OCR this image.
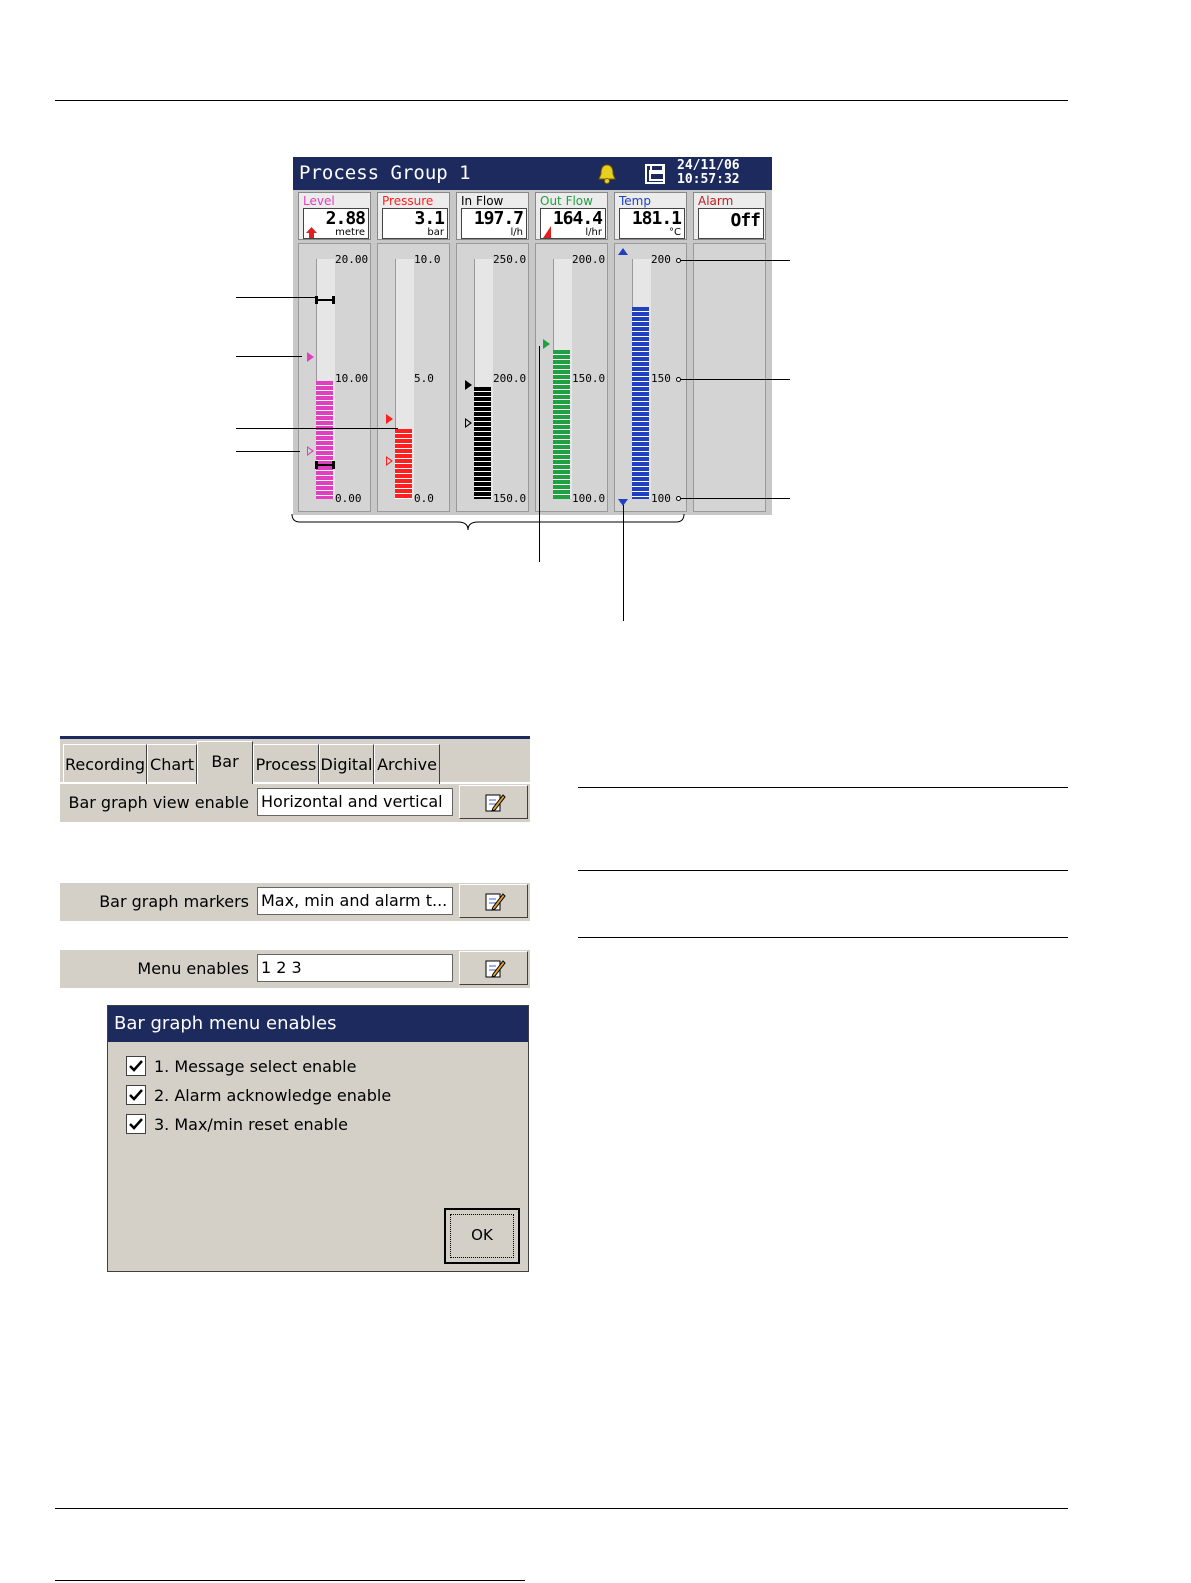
Process Group 1	24/11/06
10:57:32
Level
2.88
metre
20.00
10.00
0.00
Pressure
3.1
bar
10.0
5.0
0.0
In Flow
197.7
l/h
250.0
200.0
150.0
Out Flow
164.4
l/hr
200.0
150.0
100.0
Temp
181.1
°C
200
150
100
Alarm
Off
Recording Chart	Bar	Process Digital Archive
Bar graph view enable Horizontal and vertical
Bar graph markers Max, min and alarm t...
Menu enables 1 2 3
Bar graph menu enables
1. Message select enable
2. Alarm acknowledge enable
3. Max/min reset enable
OK
